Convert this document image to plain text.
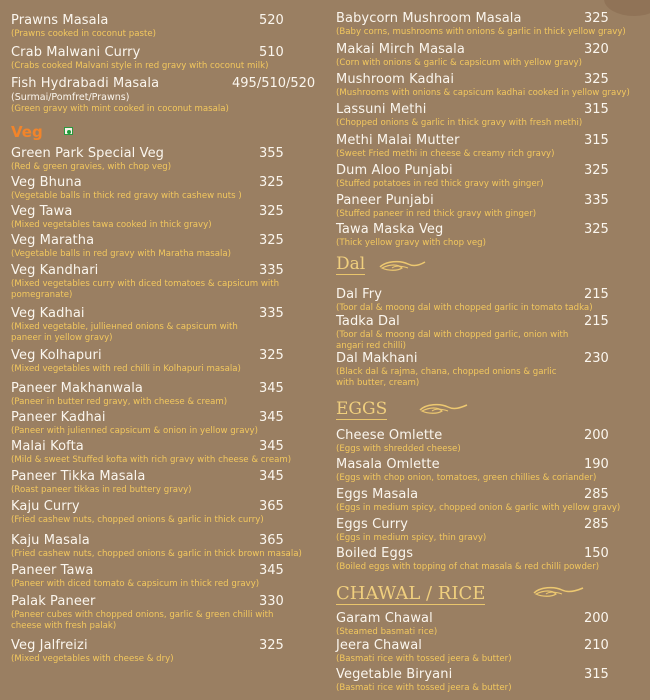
Prawns Masala	520
(Prawns cooked in coconut paste)
Crab Malwani Curry	510
(Crabs cooked Malvani style in red gravy with coconut milk)
Fish Hydrabadi Masala	495/510/520
(Surmai/Pomfret/Prawns)
(Green gravy with mint cooked in coconut masala)
Veg
Green Park Special Veg	355
(Red & green gravies, with chop veg)
Veg Bhuna	325
(Vegetable balls in thick red gravy with cashew nuts )
Veg Tawa	325
(Mixed vegetables tawa cooked in thick gravy)
Veg Maratha	325
(Vegetable balls in red gravy with Maratha masala)
Veg Kandhari	335
(Mixed vegetables curry with diced tomatoes & capsicum with pomegranate)
Veg Kadhai	335
(Mixed vegetable, julliенned onions & capsicum with paneer in yellow gravy)
Veg Kolhapuri	325
(Mixed vegetables with red chilli in Kolhapuri masala)
Paneer Makhanwala	345
(Paneer in butter red gravy, with cheese & cream)
Paneer Kadhai	345
(Paneer with julienned capsicum & onion in yellow gravy)
Malai Kofta	345
(Mild & sweet Stuffed kofta with rich gravy with cheese & cream)
Paneer Tikka Masala	345
(Roast paneer tikkas in red buttery gravy)
Kaju Curry	365
(Fried cashew nuts, chopped onions & garlic in thick curry)
Kaju Masala	365
(Fried cashew nuts, chopped onions & garlic in thick brown masala)
Paneer Tawa	345
(Paneer with diced tomato & capsicum in thick red gravy)
Palak Paneer	330
(Paneer cubes with chopped onions, garlic & green chilli with cheese with fresh palak)
Veg Jalfreizi	325
(Mixed vegetables with cheese & dry)
Babycorn Mushroom Masala	325
(Baby corns, mushrooms with onions & garlic in thick yellow gravy)
Makai Mirch Masala	320
(Corn with onions & garlic & capsicum with yellow gravy)
Mushroom Kadhai	325
(Mushrooms with onions & capsicum kadhai cooked in yellow gravy)
Lassuni Methi	315
(Chopped onions & garlic in thick gravy with fresh methi)
Methi Malai Mutter	315
(Sweet Fried methi in cheese & creamy rich gravy)
Dum Aloo Punjabi	325
(Stuffed potatoes in red thick gravy with ginger)
Paneer Punjabi	335
(Stuffed paneer in red thick gravy with ginger)
Tawa Maska Veg	325
(Thick yellow gravy with chop veg)
Dal
Dal Fry	215
(Toor dal & moong dal with chopped garlic in tomato tadka)
Tadka Dal	215
(Toor dal & moong dal with chopped garlic, onion with angari red chilli)
Dal Makhani	230
(Black dal & rajma, chana, chopped onions & garlic with butter, cream)
EGGS
Cheese Omlette	200
(Eggs with shredded cheese)
Masala Omlette	190
(Eggs with chop onion, tomatoes, green chillies & coriander)
Eggs Masala	285
(Eggs in medium spicy, chopped onion & garlic with yellow gravy)
Eggs Curry	285
(Eggs in medium spicy, thin gravy)
Boiled Eggs	150
(Boiled eggs with topping of chat masala & red chilli powder)
CHAWAL / RICE
Garam Chawal	200
(Steamed basmati rice)
Jeera Chawal	210
(Basmati rice with tossed jeera & butter)
Vegetable Biryani	315
(Basmati rice with tossed jeera & butter)
